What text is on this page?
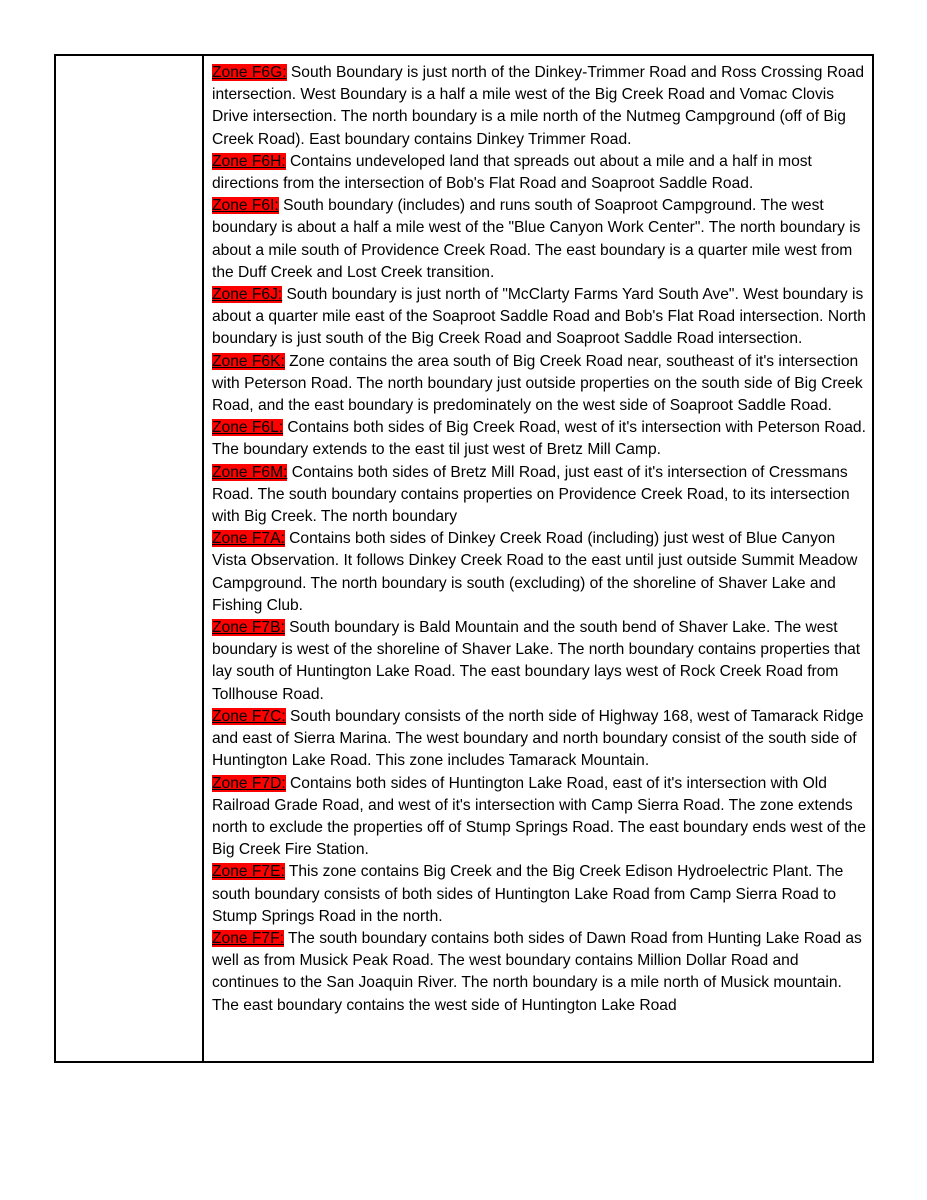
Zone F6G: South Boundary is just north of the Dinkey-Trimmer Road and Ross Crossing Road intersection. West Boundary is a half a mile west of the Big Creek Road and Vomac Clovis Drive intersection. The north boundary is a mile north of the Nutmeg Campground (off of Big Creek Road). East boundary contains Dinkey Trimmer Road.

Zone F6H: Contains undeveloped land that spreads out about a mile and a half in most directions from the intersection of Bob's Flat Road and Soaproot Saddle Road.

Zone F6I: South boundary (includes) and runs south of Soaproot Campground. The west boundary is about a half a mile west of the "Blue Canyon Work Center". The north boundary is about a mile south of Providence Creek Road. The east boundary is a quarter mile west from the Duff Creek and Lost Creek transition.

Zone F6J: South boundary is just north of "McClarty Farms Yard South Ave". West boundary is about a quarter mile east of the Soaproot Saddle Road and Bob's Flat Road intersection. North boundary is just south of the Big Creek Road and Soaproot Saddle Road intersection.

Zone F6K: Zone contains the area south of Big Creek Road near, southeast of it's intersection with Peterson Road. The north boundary just outside properties on the south side of Big Creek Road, and the east boundary is predominately on the west side of Soaproot Saddle Road.

Zone F6L: Contains both sides of Big Creek Road, west of it's intersection with Peterson Road. The boundary extends to the east til just west of Bretz Mill Camp.

Zone F6M: Contains both sides of Bretz Mill Road, just east of it's intersection of Cressmans Road. The south boundary contains properties on Providence Creek Road, to its intersection with Big Creek. The north boundary

Zone F7A: Contains both sides of Dinkey Creek Road (including) just west of Blue Canyon Vista Observation. It follows Dinkey Creek Road to the east until just outside Summit Meadow Campground. The north boundary is south (excluding) of the shoreline of Shaver Lake and Fishing Club.

Zone F7B: South boundary is Bald Mountain and the south bend of Shaver Lake. The west boundary is west of the shoreline of Shaver Lake. The north boundary contains properties that lay south of Huntington Lake Road. The east boundary lays west of Rock Creek Road from Tollhouse Road.

Zone F7C: South boundary consists of the north side of Highway 168, west of Tamarack Ridge and east of Sierra Marina. The west boundary and north boundary consist of the south side of Huntington Lake Road. This zone includes Tamarack Mountain.

Zone F7D: Contains both sides of Huntington Lake Road, east of it's intersection with Old Railroad Grade Road, and west of it's intersection with Camp Sierra Road. The zone extends north to exclude the properties off of Stump Springs Road. The east boundary ends west of the Big Creek Fire Station.

Zone F7E: This zone contains Big Creek and the Big Creek Edison Hydroelectric Plant. The south boundary consists of both sides of Huntington Lake Road from Camp Sierra Road to Stump Springs Road in the north.

Zone F7F: The south boundary contains both sides of Dawn Road from Hunting Lake Road as well as from Musick Peak Road. The west boundary contains Million Dollar Road and continues to the San Joaquin River. The north boundary is a mile north of Musick mountain. The east boundary contains the west side of Huntington Lake Road
